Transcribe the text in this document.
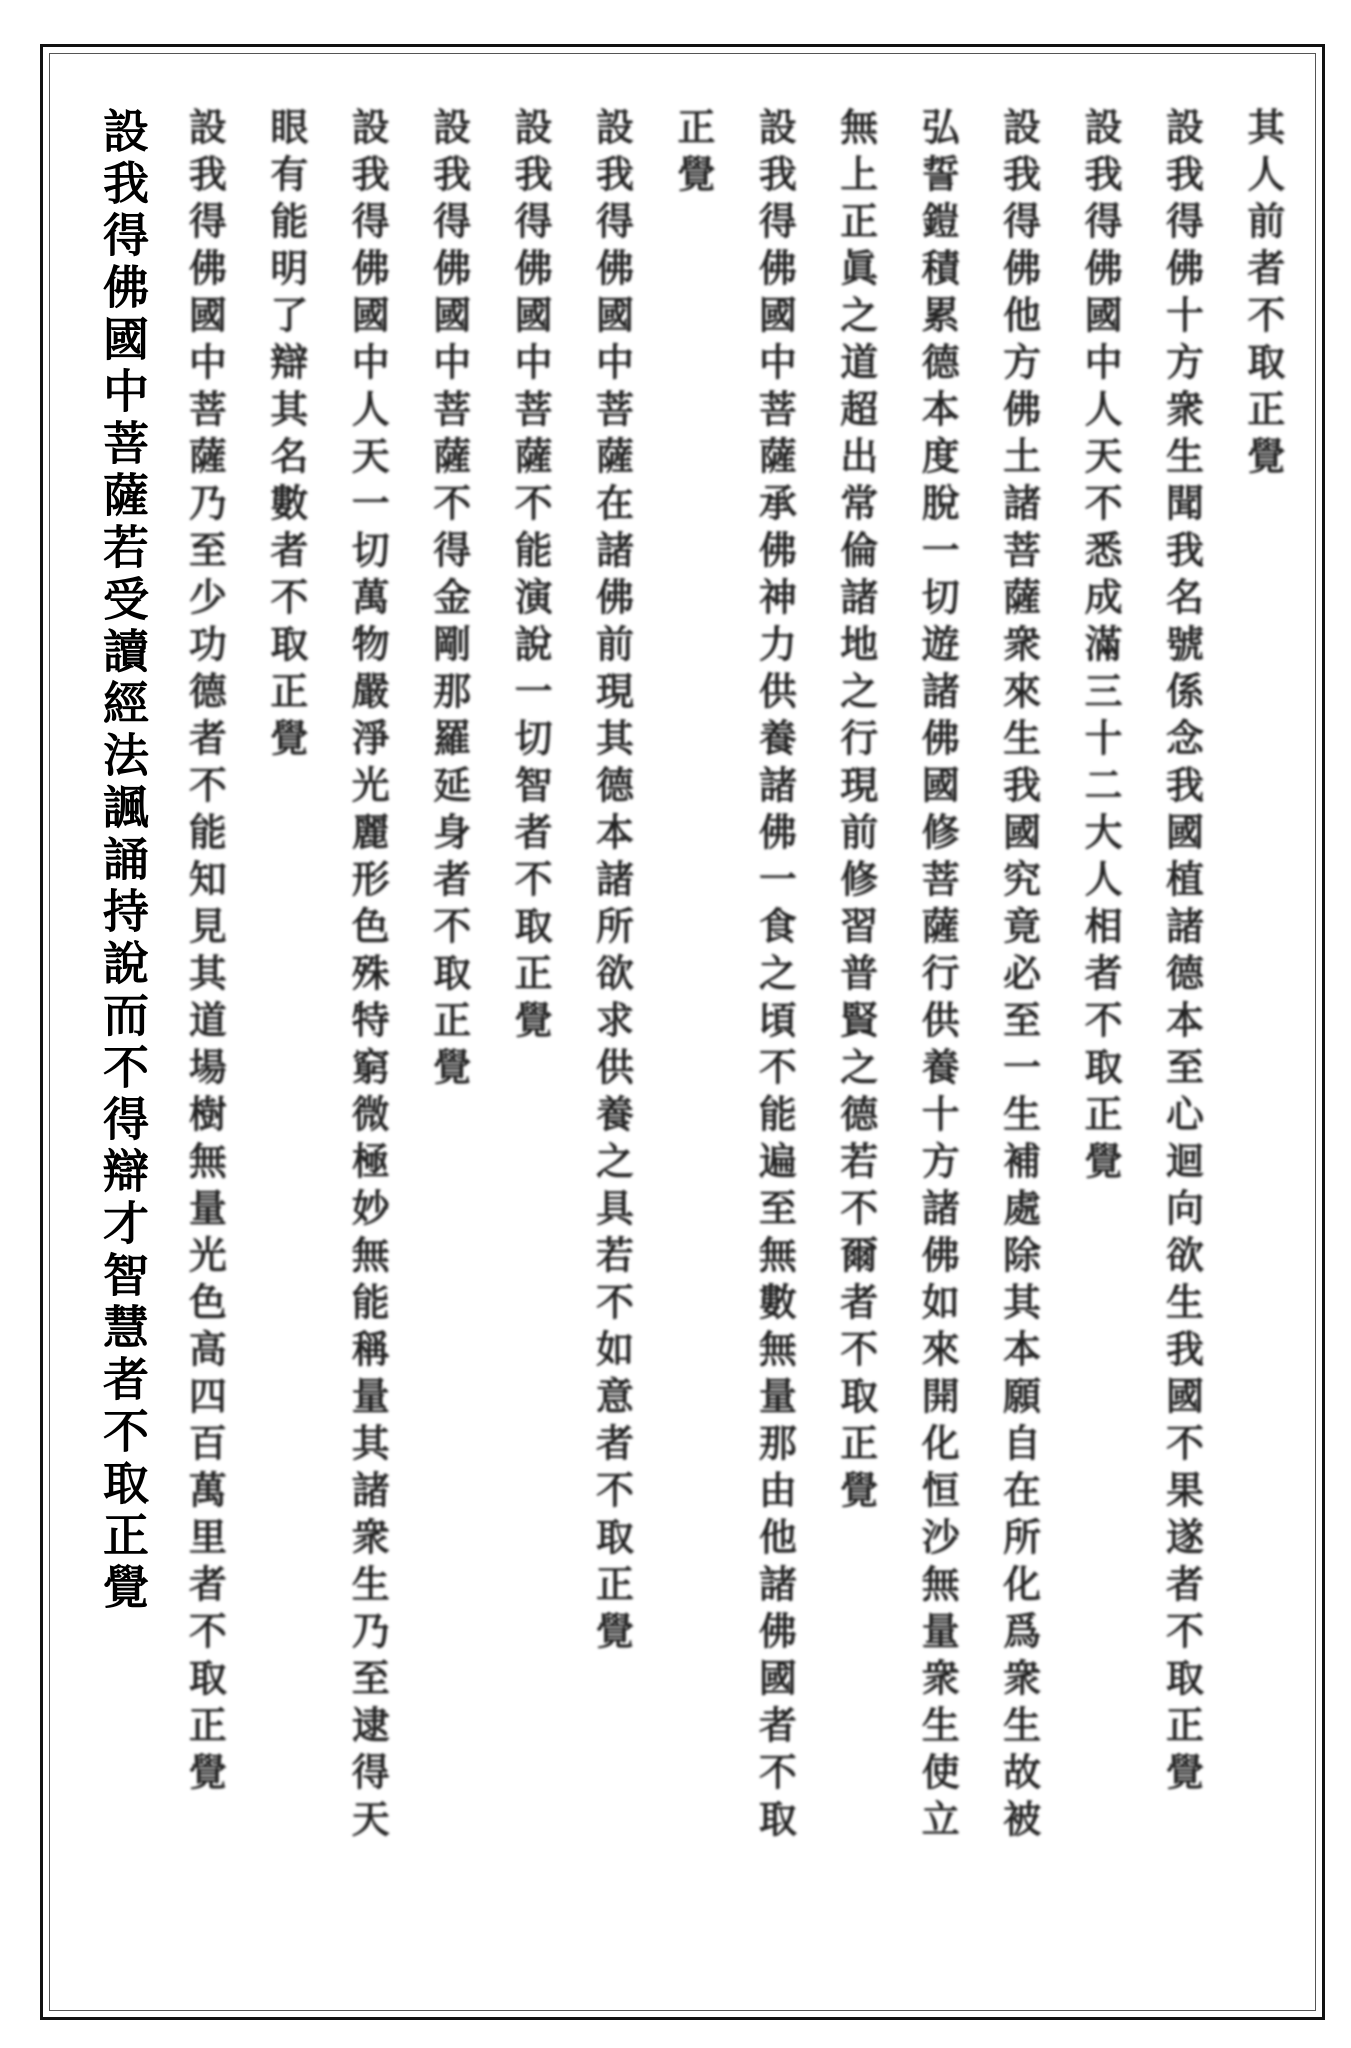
其人前者不取正覺
設我得佛十方衆生聞我名號係念我國植諸德本至心迴向欲生我國不果遂者不取正覺
設我得佛國中人天不悉成滿三十二大人相者不取正覺
設我得佛他方佛土諸菩薩衆來生我國究竟必至一生補處除其本願自在所化爲衆生故被
弘誓鎧積累德本度脫一切遊諸佛國修菩薩行供養十方諸佛如來開化恒沙無量衆生使立
無上正眞之道超出常倫諸地之行現前修習普賢之德若不爾者不取正覺
設我得佛國中菩薩承佛神力供養諸佛一食之頃不能遍至無數無量那由他諸佛國者不取
正覺
設我得佛國中菩薩在諸佛前現其德本諸所欲求供養之具若不如意者不取正覺
設我得佛國中菩薩不能演說一切智者不取正覺
設我得佛國中菩薩不得金剛那羅延身者不取正覺
設我得佛國中人天一切萬物嚴淨光麗形色殊特窮微極妙無能稱量其諸衆生乃至逮得天
眼有能明了辯其名數者不取正覺
設我得佛國中菩薩乃至少功德者不能知見其道場樹無量光色高四百萬里者不取正覺
設我得佛國中菩薩若受讀經法諷誦持說而不得辯才智慧者不取正覺
